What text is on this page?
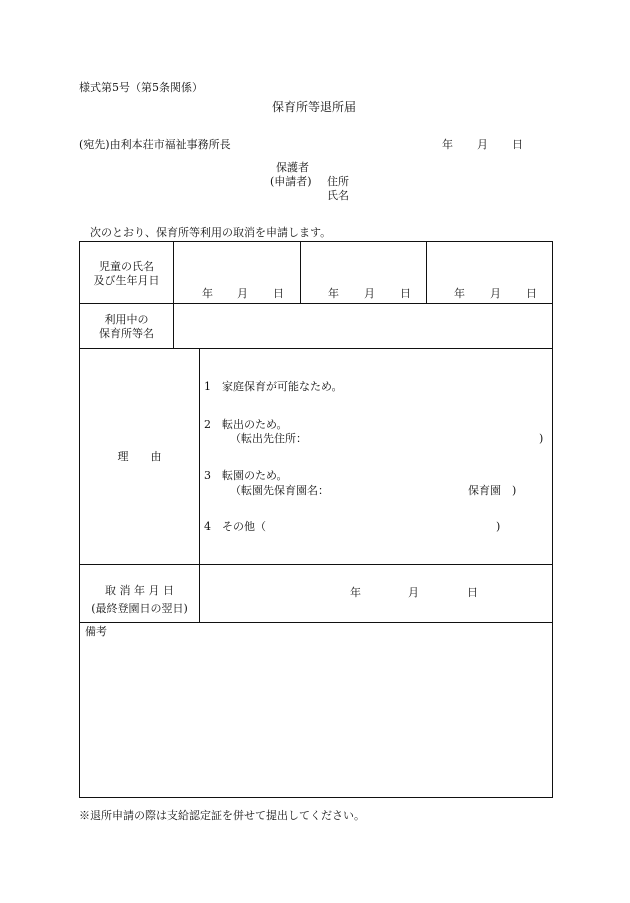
様式第5号（第5条関係）
保育所等退所届
(宛先)由利本荘市福祉事務所長	年 月 日
保護者
(申請者) 住所
氏名
次のとおり、保育所等利用の取消を申請します。
児童の氏名
及び生年月日
年 月 日	年 月 日	年 月 日
利用中の
保育所等名
理　　由
1　家庭保育が可能なため。
2　転出のため。
（転出先住所：	)
3　転園のため。
（転園先保育園名：	保育園　)
4　その他（	)
取 消 年 月 日
(最終登園日の翌日)
年	月	日
備考
※退所申請の際は支給認定証を併せて提出してください。
